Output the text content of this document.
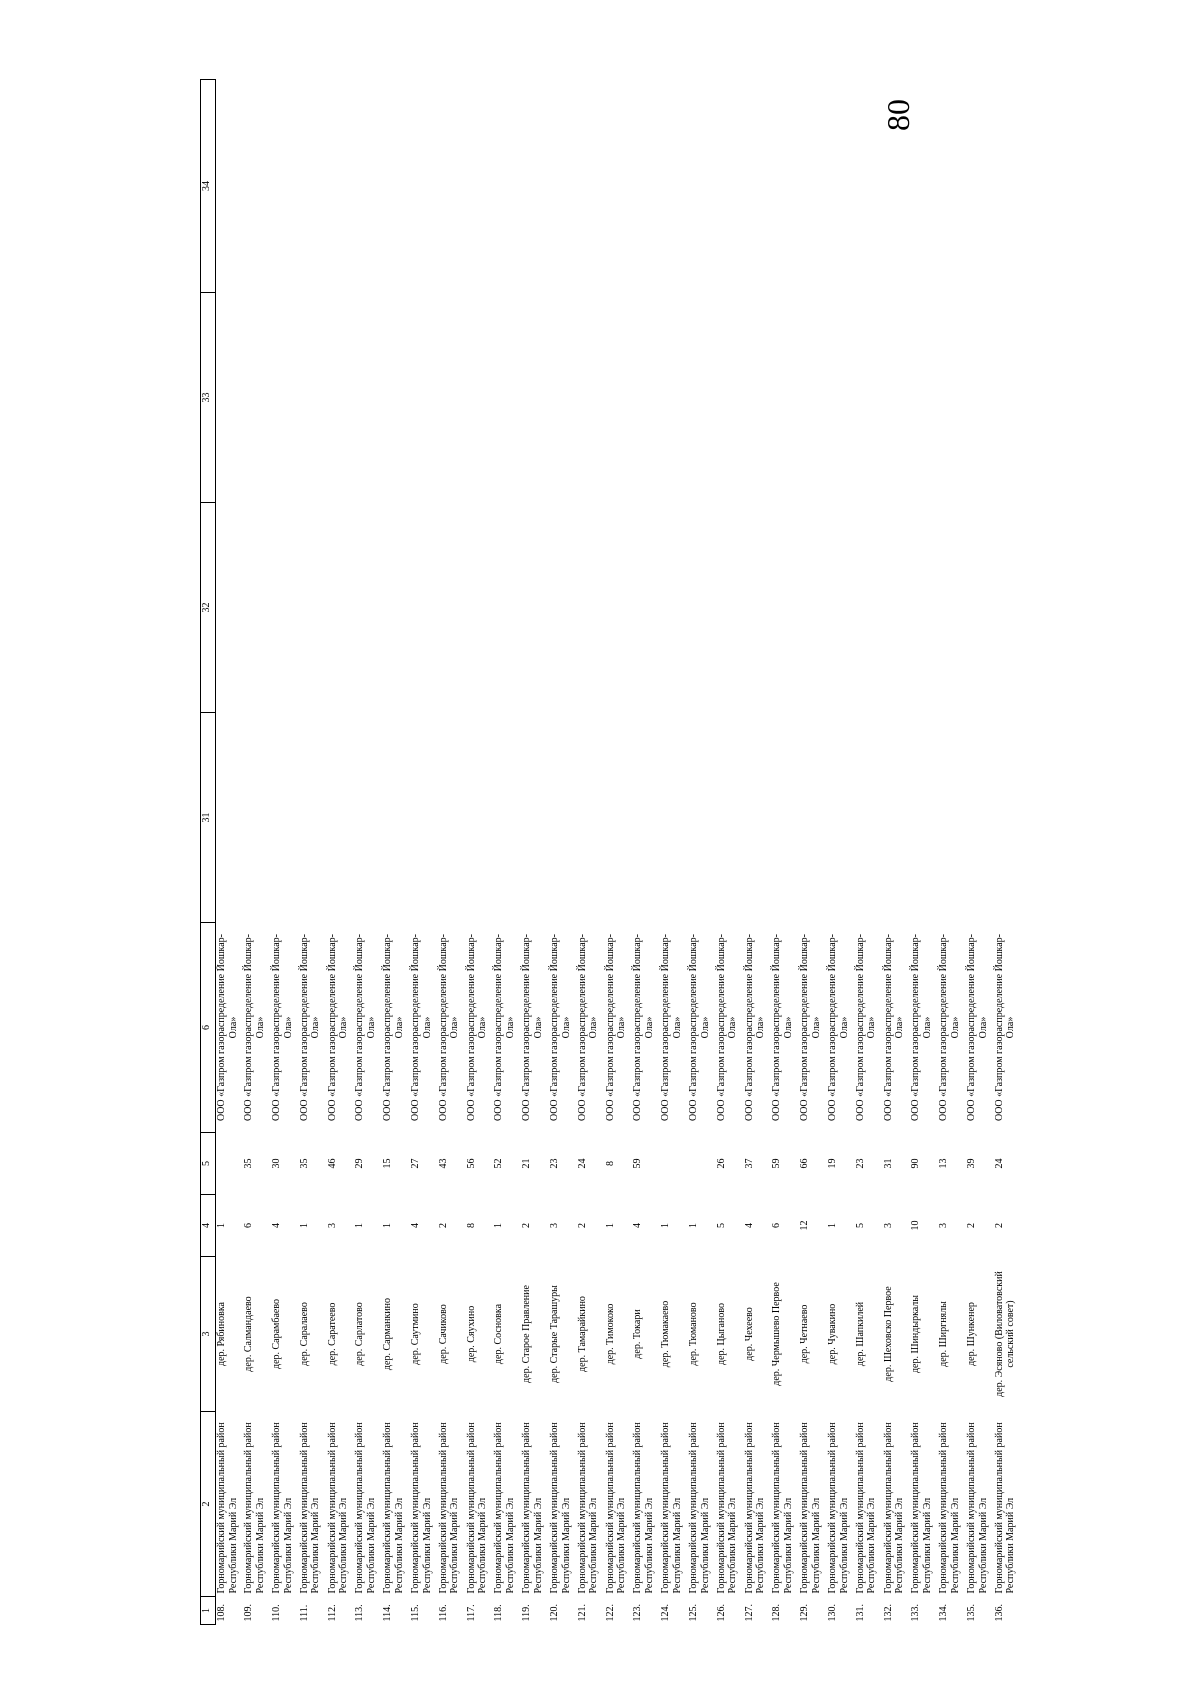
80
1	2	3	4	5	6	31	32	33	34
108.	Горномарийский муниципальный район Республики Марий Эл	дер. Рябиновка	1		ООО «Газпром газораспределение Йошкар-Ола»				
109.	Горномарийский муниципальный район Республики Марий Эл	дер. Салмандаево	6	35	ООО «Газпром газораспределение Йошкар-Ола»				
110.	Горномарийский муниципальный район Республики Марий Эл	дер. Сарамбаево	4	30	ООО «Газпром газораспределение Йошкар-Ола»				
111.	Горномарийский муниципальный район Республики Марий Эл	дер. Саралаево	1	35	ООО «Газпром газораспределение Йошкар-Ола»				
112.	Горномарийский муниципальный район Республики Марий Эл	дер. Саратеево	3	46	ООО «Газпром газораспределение Йошкар-Ола»				
113.	Горномарийский муниципальный район Республики Марий Эл	дер. Сарлатово	1	29	ООО «Газпром газораспределение Йошкар-Ола»				
114.	Горномарийский муниципальный район Республики Марий Эл	дер. Сарманкино	1	15	ООО «Газпром газораспределение Йошкар-Ола»				
115.	Горномарийский муниципальный район Республики Марий Эл	дер. Саутмино	4	27	ООО «Газпром газораспределение Йошкар-Ола»				
116.	Горномарийский муниципальный район Республики Марий Эл	дер. Сачиково	2	43	ООО «Газпром газораспределение Йошкар-Ола»				
117.	Горномарийский муниципальный район Республики Марий Эл	дер. Сяухино	8	56	ООО «Газпром газораспределение Йошкар-Ола»				
118.	Горномарийский муниципальный район Республики Марий Эл	дер. Сосновка	1	52	ООО «Газпром газораспределение Йошкар-Ола»				
119.	Горномарийский муниципальный район Республики Марий Эл	дер. Старое Правление	2	21	ООО «Газпром газораспределение Йошкар-Ола»				
120.	Горномарийский муниципальный район Республики Марий Эл	дер. Старые Тарашуры	3	23	ООО «Газпром газораспределение Йошкар-Ола»				
121.	Горномарийский муниципальный район Республики Марий Эл	дер. Тамарайкино	2	24	ООО «Газпром газораспределение Йошкар-Ола»				
122.	Горномарийский муниципальный район Республики Марий Эл	дер. Тимококо	1	8	ООО «Газпром газораспределение Йошкар-Ола»				
123.	Горномарийский муниципальный район Республики Марий Эл	дер. Токари	4	59	ООО «Газпром газораспределение Йошкар-Ола»				
124.	Горномарийский муниципальный район Республики Марий Эл	дер. Тюмакаево	1		ООО «Газпром газораспределение Йошкар-Ола»				
125.	Горномарийский муниципальный район Республики Марий Эл	дер. Тюманово	1		ООО «Газпром газораспределение Йошкар-Ола»				
126.	Горномарийский муниципальный район Республики Марий Эл	дер. Цыганово	5	26	ООО «Газпром газораспределение Йошкар-Ола»				
127.	Горномарийский муниципальный район Республики Марий Эл	дер. Чехеево	4	37	ООО «Газпром газораспределение Йошкар-Ола»				
128.	Горномарийский муниципальный район Республики Марий Эл	дер. Чермышево Первое	6	59	ООО «Газпром газораспределение Йошкар-Ола»				
129.	Горномарийский муниципальный район Республики Марий Эл	дер. Четнаево	12	66	ООО «Газпром газораспределение Йошкар-Ола»				
130.	Горномарийский муниципальный район Республики Марий Эл	дер. Чувакино	1	19	ООО «Газпром газораспределение Йошкар-Ола»				
131.	Горномарийский муниципальный район Республики Марий Эл	дер. Шапкилей	5	23	ООО «Газпром газораспределение Йошкар-Ола»				
132.	Горномарийский муниципальный район Республики Марий Эл	дер. Шеховско Первое	3	31	ООО «Газпром газораспределение Йошкар-Ола»				
133.	Горномарийский муниципальный район Республики Марий Эл	дер. Шиндыркалы	10	90	ООО «Газпром газораспределение Йошкар-Ола»				
134.	Горномарийский муниципальный район Республики Марий Эл	дер. Ширгнялы	3	13	ООО «Газпром газораспределение Йошкар-Ола»				
135.	Горномарийский муниципальный район Республики Марий Эл	дер. Шункенер	2	39	ООО «Газпром газораспределение Йошкар-Ола»				
136.	Горномарийский муниципальный район Республики Марий Эл	дер. Эсяново (Виловатовский сельский совет)	2	24	ООО «Газпром газораспределение Йошкар-Ола»				
